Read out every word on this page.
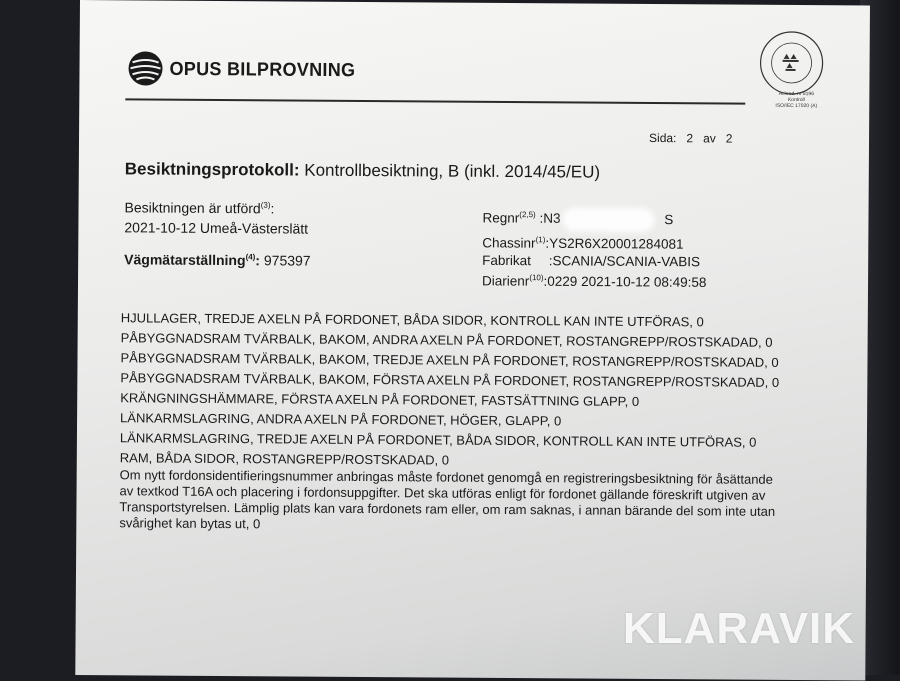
OPUS BILPROVNING
Ackred. nr 8196
Kontroll
ISO/IEC 17020 (A)
Sida: 2 av 2
Besiktningsprotokoll: Kontrollbesiktning, B (inkl. 2014/45/EU)
Besiktningen är utförd$^{(3)}$:
2021-10-12 Umeå-Västerslätt
Vägmätarställning$^{(4)}$: 975397
Regnr$^{(2,5)}$ :N3	S
Chassinr$^{(1)}$:YS2R6X20001284081
Fabrikat :SCANIA/SCANIA-VABIS
Diarienr$^{(10)}$:0229 2021-10-12 08:49:58
HJULLAGER, TREDJE AXELN PÅ FORDONET, BÅDA SIDOR, KONTROLL KAN INTE UTFÖRAS, 0
PÅBYGGNADSRAM TVÄRBALK, BAKOM, ANDRA AXELN PÅ FORDONET, ROSTANGREPP/ROSTSKADAD, 0
PÅBYGGNADSRAM TVÄRBALK, BAKOM, TREDJE AXELN PÅ FORDONET, ROSTANGREPP/ROSTSKADAD, 0
PÅBYGGNADSRAM TVÄRBALK, BAKOM, FÖRSTA AXELN PÅ FORDONET, ROSTANGREPP/ROSTSKADAD, 0
KRÄNGNINGSHÄMMARE, FÖRSTA AXELN PÅ FORDONET, FASTSÄTTNING GLAPP, 0
LÄNKARMSLAGRING, ANDRA AXELN PÅ FORDONET, HÖGER, GLAPP, 0
LÄNKARMSLAGRING, TREDJE AXELN PÅ FORDONET, BÅDA SIDOR, KONTROLL KAN INTE UTFÖRAS, 0
RAM, BÅDA SIDOR, ROSTANGREPP/ROSTSKADAD, 0
Om nytt fordonsidentifieringsnummer anbringas måste fordonet genomgå en registreringsbesiktning för åsättande
av textkod T16A och placering i fordonsuppgifter. Det ska utföras enligt för fordonet gällande föreskrift utgiven av
Transportstyrelsen. Lämplig plats kan vara fordonets ram eller, om ram saknas, i annan bärande del som inte utan
svårighet kan bytas ut, 0
KLARAVIK
